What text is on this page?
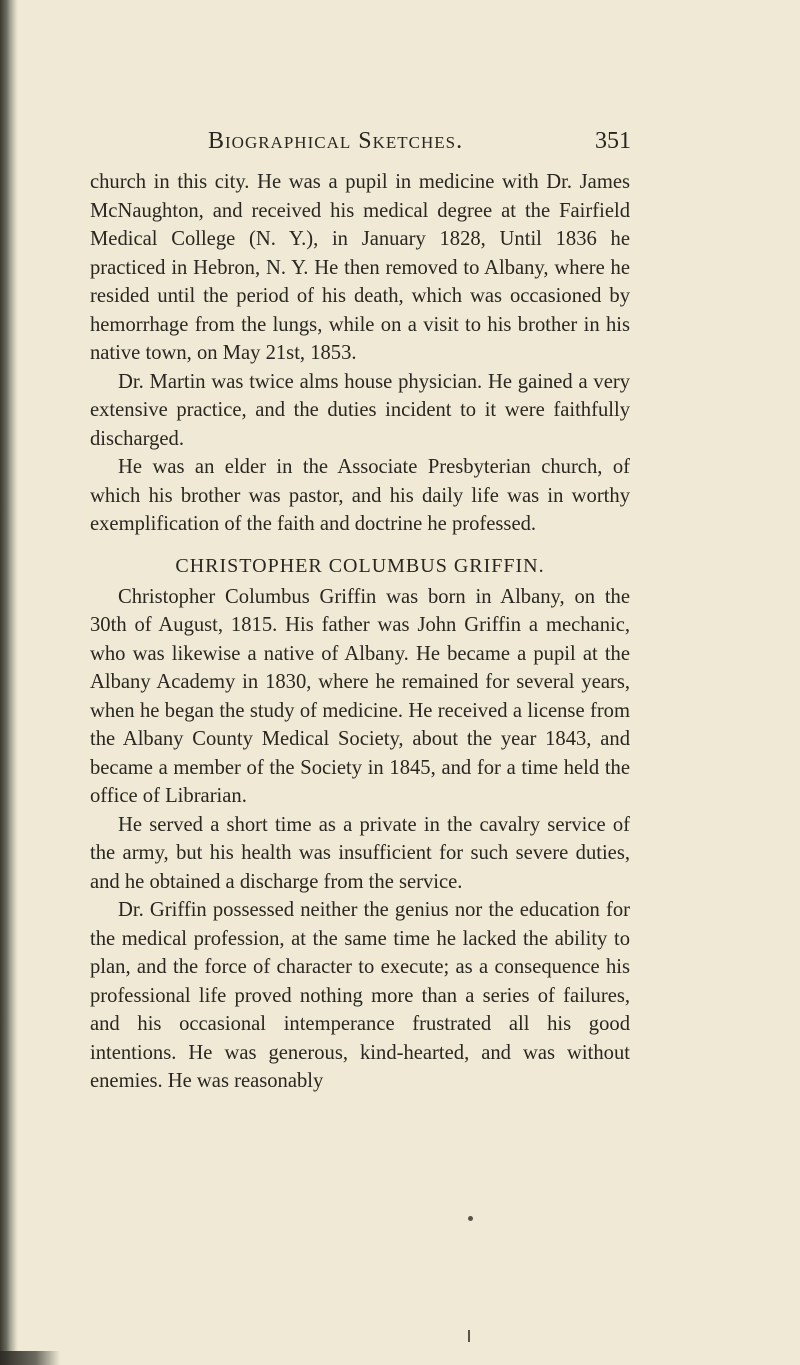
Biographical Sketches.	351

church in this city. He was a pupil in medicine with Dr. James McNaughton, and received his medical degree at the Fairfield Medical College (N. Y.), in January 1828, Until 1836 he practiced in Hebron, N. Y. He then removed to Albany, where he resided until the period of his death, which was occasioned by hemorrhage from the lungs, while on a visit to his brother in his native town, on May 21st, 1853.

Dr. Martin was twice alms house physician. He gained a very extensive practice, and the duties incident to it were faithfully discharged.

He was an elder in the Associate Presbyterian church, of which his brother was pastor, and his daily life was in worthy exemplification of the faith and doctrine he professed.

CHRISTOPHER COLUMBUS GRIFFIN.

Christopher Columbus Griffin was born in Albany, on the 30th of August, 1815. His father was John Griffin a mechanic, who was likewise a native of Albany. He became a pupil at the Albany Academy in 1830, where he remained for several years, when he began the study of medicine. He received a license from the Albany County Medical Society, about the year 1843, and became a member of the Society in 1845, and for a time held the office of Librarian.

He served a short time as a private in the cavalry service of the army, but his health was insufficient for such severe duties, and he obtained a discharge from the service.

Dr. Griffin possessed neither the genius nor the education for the medical profession, at the same time he lacked the ability to plan, and the force of character to execute; as a consequence his professional life proved nothing more than a series of failures, and his occasional intemperance frustrated all his good intentions. He was generous, kind-hearted, and was without enemies. He was reasonably
